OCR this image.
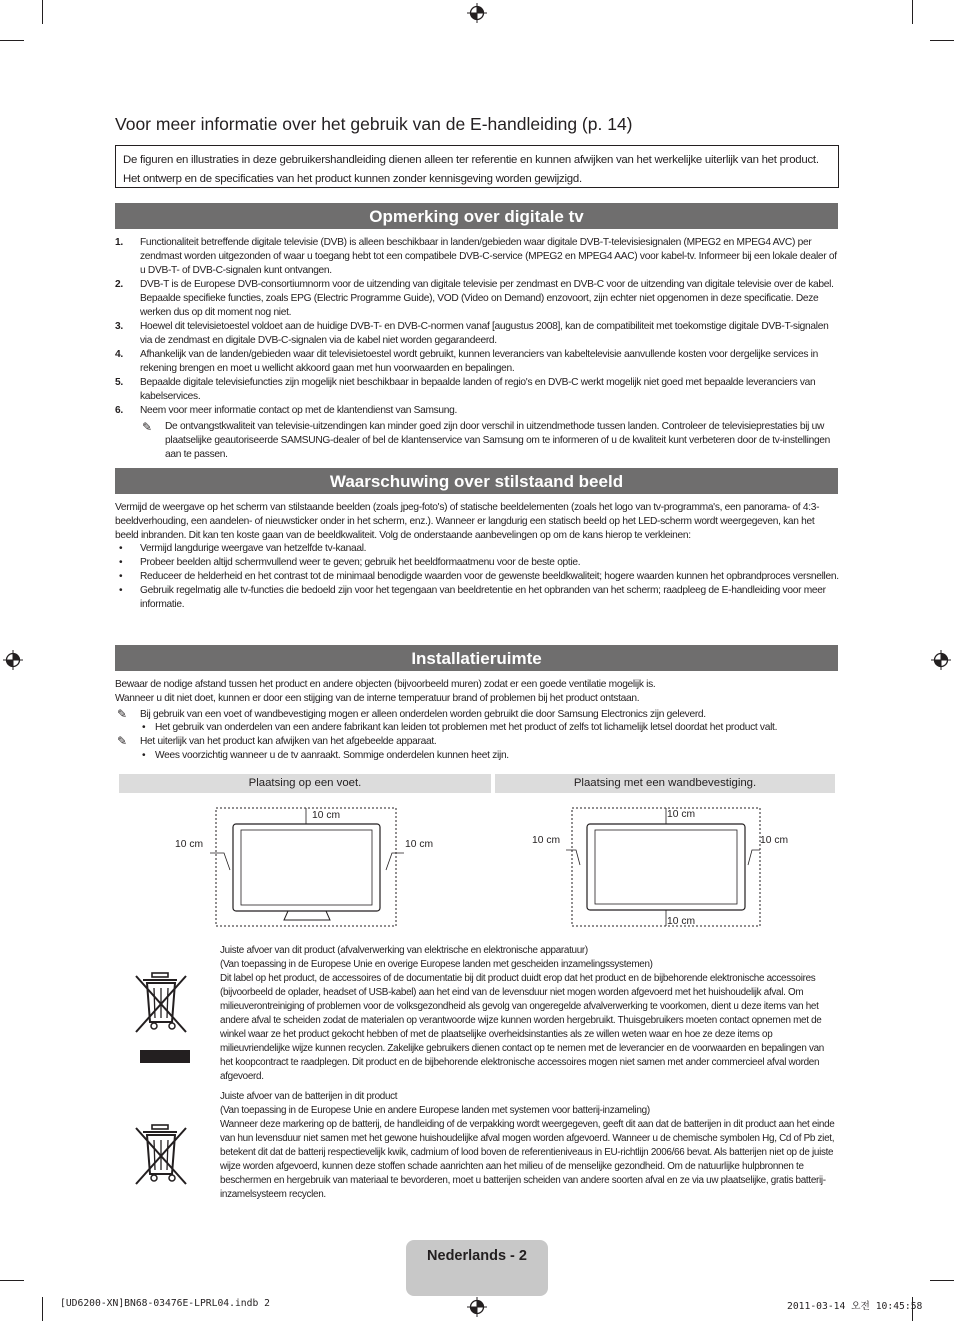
Voor meer informatie over het gebruik van de E-handleiding (p. 14)
De figuren en illustraties in deze gebruikershandleiding dienen alleen ter referentie en kunnen afwijken van het werkelijke uiterlijk van het product. Het ontwerp en de specificaties van het product kunnen zonder kennisgeving worden gewijzigd.
Opmerking over digitale tv
1. Functionaliteit betreffende digitale televisie (DVB) is alleen beschikbaar in landen/gebieden waar digitale DVB-T-televisiesignalen (MPEG2 en MPEG4 AVC) per zendmast worden uitgezonden of waar u toegang hebt tot een compatibele DVB-C-service (MPEG2 en MPEG4 AAC) voor kabel-tv. Informeer bij een lokale dealer of u DVB-T- of DVB-C-signalen kunt ontvangen.
2. DVB-T is de Europese DVB-consortiumnorm voor de uitzending van digitale televisie per zendmast en DVB-C voor de uitzending van digitale televisie over de kabel. Bepaalde specifieke functies, zoals EPG (Electric Programme Guide), VOD (Video on Demand) enzovoort, zijn echter niet opgenomen in deze specificatie. Deze werken dus op dit moment nog niet.
3. Hoewel dit televisietoestel voldoet aan de huidige DVB-T- en DVB-C-normen vanaf [augustus 2008], kan de compatibiliteit met toekomstige digitale DVB-T-signalen via de zendmast en digitale DVB-C-signalen via de kabel niet worden gegarandeerd.
4. Afhankelijk van de landen/gebieden waar dit televisietoestel wordt gebruikt, kunnen leveranciers van kabeltelevisie aanvullende kosten voor dergelijke services in rekening brengen en moet u wellicht akkoord gaan met hun voorwaarden en bepalingen.
5. Bepaalde digitale televisiefuncties zijn mogelijk niet beschikbaar in bepaalde landen of regio's en DVB-C werkt mogelijk niet goed met bepaalde leveranciers van kabelservices.
6. Neem voor meer informatie contact op met de klantendienst van Samsung.
✎ De ontvangstkwaliteit van televisie-uitzendingen kan minder goed zijn door verschil in uitzendmethode tussen landen. Controleer de televisieprestaties bij uw plaatselijke geautoriseerde SAMSUNG-dealer of bel de klantenservice van Samsung om te informeren of u de kwaliteit kunt verbeteren door de tv-instellingen aan te passen.
Waarschuwing over stilstaand beeld
Vermijd de weergave op het scherm van stilstaande beelden (zoals jpeg-foto's) of statische beeldelementen (zoals het logo van tv-programma's, een panorama- of 4:3-beeldverhouding, een aandelen- of nieuwsticker onder in het scherm, enz.). Wanneer er langdurig een statisch beeld op het LED-scherm wordt weergegeven, kan het beeld inbranden. Dit kan ten koste gaan van de beeldkwaliteit. Volg de onderstaande aanbevelingen op om de kans hierop te verkleinen:
• Vermijd langdurige weergave van hetzelfde tv-kanaal.
• Probeer beelden altijd schermvullend weer te geven; gebruik het beeldformaatmenu voor de beste optie.
• Reduceer de helderheid en het contrast tot de minimaal benodigde waarden voor de gewenste beeldkwaliteit; hogere waarden kunnen het opbrandproces versnellen.
• Gebruik regelmatig alle tv-functies die bedoeld zijn voor het tegengaan van beeldretentie en het opbranden van het scherm; raadpleeg de E-handleiding voor meer informatie.
Installatieruimte
Bewaar de nodige afstand tussen het product en andere objecten (bijvoorbeeld muren) zodat er een goede ventilatie mogelijk is.
Wanneer u dit niet doet, kunnen er door een stijging van de interne temperatuur brand of problemen bij het product ontstaan.
✎ Bij gebruik van een voet of wandbevestiging mogen er alleen onderdelen worden gebruikt die door Samsung Electronics zijn geleverd.
• Het gebruik van onderdelen van een andere fabrikant kan leiden tot problemen met het product of zelfs tot lichamelijk letsel doordat het product valt.
✎ Het uiterlijk van het product kan afwijken van het afgebeelde apparaat.
• Wees voorzichtig wanneer u de tv aanraakt. Sommige onderdelen kunnen heet zijn.
Plaatsing op een voet.	Plaatsing met een wandbevestiging.
10 cm
10 cm	10 cm
10 cm
10 cm	10 cm
10 cm
Juiste afvoer van dit product (afvalverwerking van elektrische en elektronische apparatuur)
(Van toepassing in de Europese Unie en overige Europese landen met gescheiden inzamelingssystemen)
Dit label op het product, de accessoires of de documentatie bij dit product duidt erop dat het product en de bijbehorende elektronische accessoires (bijvoorbeeld de oplader, headset of USB-kabel) aan het eind van de levensduur niet mogen worden afgevoerd met het huishoudelijk afval. Om milieuverontreiniging of problemen voor de volksgezondheid als gevolg van ongeregelde afvalverwerking te voorkomen, dient u deze items van het andere afval te scheiden zodat de materialen op verantwoorde wijze kunnen worden hergebruikt. Thuisgebruikers moeten contact opnemen met de winkel waar ze het product gekocht hebben of met de plaatselijke overheidsinstanties als ze willen weten waar en hoe ze deze items op milieuvriendelijke wijze kunnen recyclen. Zakelijke gebruikers dienen contact op te nemen met de leverancier en de voorwaarden en bepalingen van het koopcontract te raadplegen. Dit product en de bijbehorende elektronische accessoires mogen niet samen met ander commercieel afval worden afgevoerd.
Juiste afvoer van de batterijen in dit product
(Van toepassing in de Europese Unie en andere Europese landen met systemen voor batterij-inzameling)
Wanneer deze markering op de batterij, de handleiding of de verpakking wordt weergegeven, geeft dit aan dat de batterijen in dit product aan het einde van hun levensduur niet samen met het gewone huishoudelijke afval mogen worden afgevoerd. Wanneer u de chemische symbolen Hg, Cd of Pb ziet, betekent dit dat de batterij respectievelijk kwik, cadmium of lood boven de referentieniveaus in EU-richtlijn 2006/66 bevat. Als batterijen niet op de juiste wijze worden afgevoerd, kunnen deze stoffen schade aanrichten aan het milieu of de menselijke gezondheid. Om de natuurlijke hulpbronnen te beschermen en hergebruik van materiaal te bevorderen, moet u batterijen scheiden van andere soorten afval en ze via uw plaatselijke, gratis batterij-inzamelsysteem recyclen.
Nederlands - 2
[UD6200-XN]BN68-03476E-LPRL04.indb 2	2011-03-14 오전 10:45:58
